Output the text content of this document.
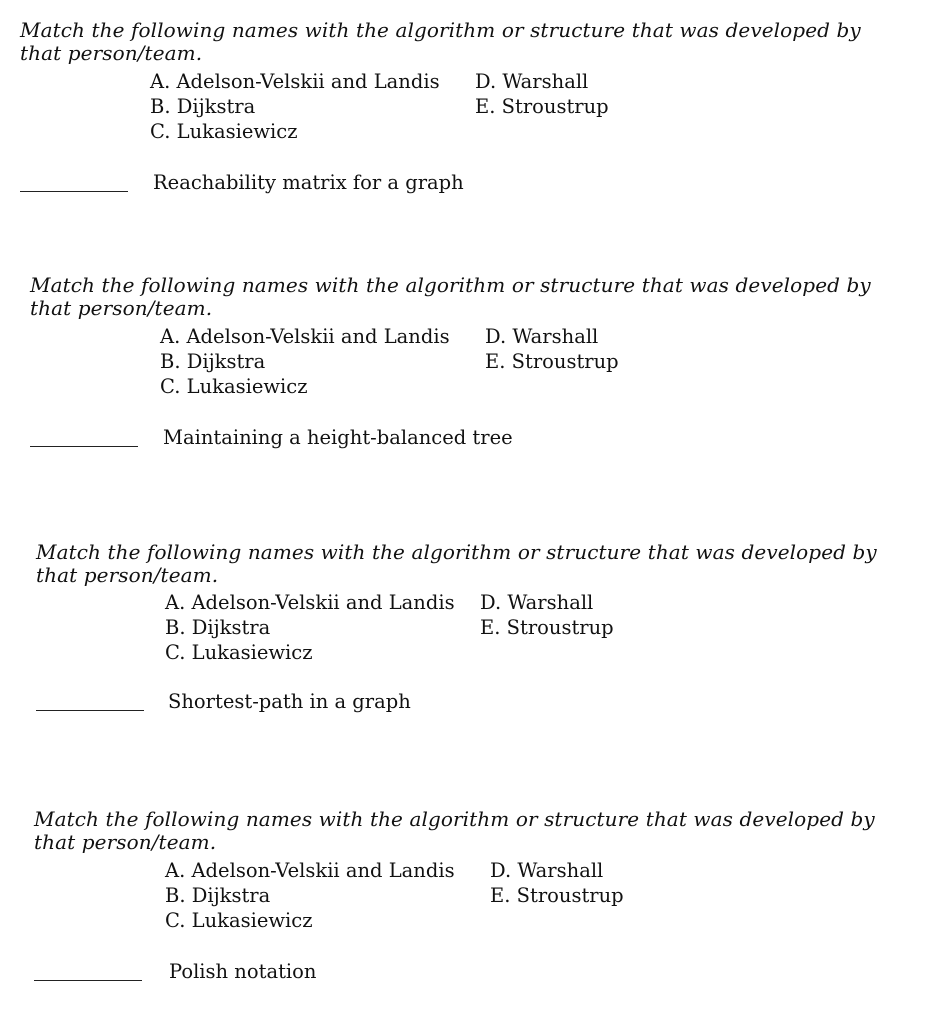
Match the following names with the algorithm or structure that was developed by that person/team.

A. Adelson-Velskii and Landis
B. Dijkstra
C. Lukasiewicz
D. Warshall
E. Stroustrup
Reachability matrix for a graph

Match the following names with the algorithm or structure that was developed by that person/team.

A. Adelson-Velskii and Landis
B. Dijkstra
C. Lukasiewicz
D. Warshall
E. Stroustrup
Maintaining a height-balanced tree

Match the following names with the algorithm or structure that was developed by that person/team.

A. Adelson-Velskii and Landis
B. Dijkstra
C. Lukasiewicz
D. Warshall
E. Stroustrup
Shortest-path in a graph

Match the following names with the algorithm or structure that was developed by that person/team.

A. Adelson-Velskii and Landis
B. Dijkstra
C. Lukasiewicz
D. Warshall
E. Stroustrup
Polish notation
